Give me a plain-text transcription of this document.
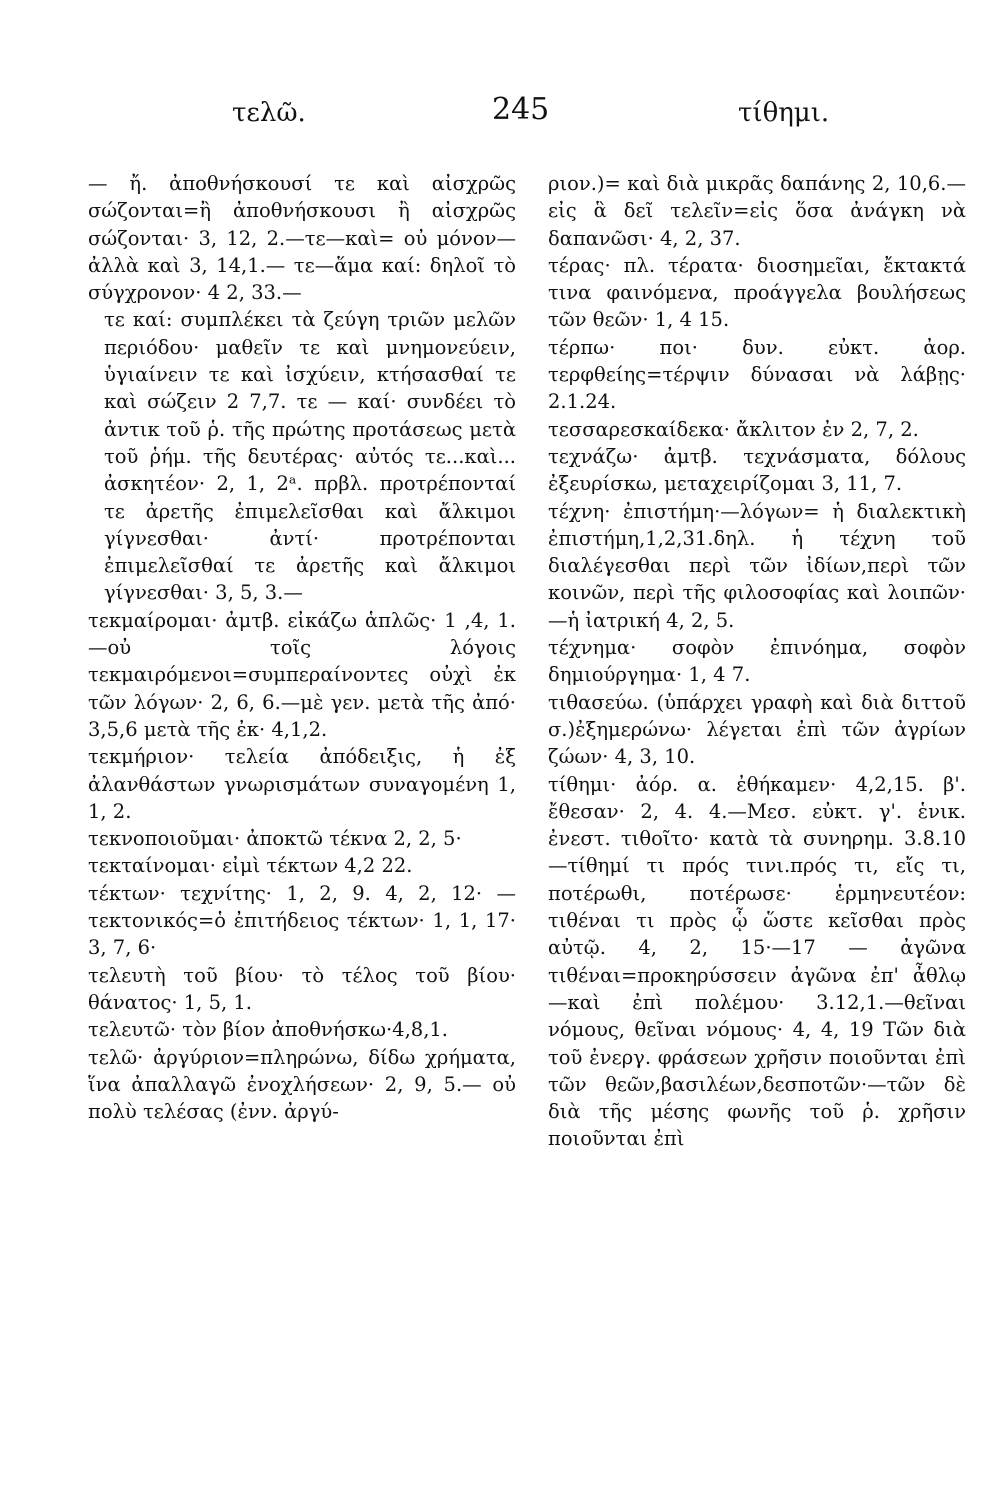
τελῶ.	245	τίθημι.

— ἤ. ἀποθνήσκουσί τε καὶ αἰσχρῶς σώζονται=ἢ ἀποθνήσκουσι ἢ αἰσχρῶς σώζονται· 3, 12, 2.—τε—καὶ= οὐ μόνον—ἀλλὰ καὶ 3, 14,1.— τε—ἅμα καί: δηλοῖ τὸ σύγχρονον· 4 2, 33.—

τε καί: συμπλέκει τὰ ζεύγη τριῶν μελῶν περιόδου· μαθεῖν τε καὶ μνημονεύειν, ὑγιαίνειν τε καὶ ἰσχύειν, κτήσασθαί τε καὶ σώζειν 2 7,7. τε — καί· συνδέει τὸ ἀντικ τοῦ ῥ. τῆς πρώτης προτάσεως μετὰ τοῦ ῥήμ. τῆς δευτέρας· αὐτός τε...καὶ... ἀσκητέον· 2, 1, 2ᵃ. πρβλ. προτρέπονταί τε ἀρετῆς ἐπιμελεῖσθαι καὶ ἄλκιμοι γίγνεσθαι· ἀντί· προτρέπονται ἐπιμελεῖσθαί τε ἀρετῆς καὶ ἄλκιμοι γίγνεσθαι· 3, 5, 3.—

τεκμαίρομαι· ἀμτβ. εἰκάζω ἁπλῶς· 1 ,4, 1.—οὐ τοῖς λόγοις τεκμαιρόμενοι=συμπεραίνοντες οὐχὶ ἐκ τῶν λόγων· 2, 6, 6.—μὲ γεν. μετὰ τῆς ἀπό· 3,5,6 μετὰ τῆς ἐκ· 4,1,2.

τεκμήριον· τελεία ἀπόδειξις, ἡ ἐξ ἀλανθάστων γνωρισμάτων συναγομένη 1, 1, 2.

τεκνοποιοῦμαι· ἀποκτῶ τέκνα 2, 2, 5·

τεκταίνομαι· εἰμὶ τέκτων 4,2 22.

τέκτων· τεχνίτης· 1, 2, 9. 4, 2, 12· —τεκτονικός=ὁ ἐπιτήδειος τέκτων· 1, 1, 17· 3, 7, 6·

τελευτὴ τοῦ βίου· τὸ τέλος τοῦ βίου· θάνατος· 1, 5, 1.

τελευτῶ· τὸν βίον ἀποθνήσκω·4,8,1.

τελῶ· ἀργύριον=πληρώνω, δίδω χρήματα, ἵνα ἀπαλλαγῶ ἐνοχλήσεων· 2, 9, 5.— οὐ πολὺ τελέσας (ἐνν. ἀργύ-

ριον.)= καὶ διὰ μικρᾶς δαπάνης 2, 10,6.—εἰς ἃ δεῖ τελεῖν=εἰς ὅσα ἀνάγκη νὰ δαπανῶσι· 4, 2, 37.

τέρας· πλ. τέρατα· διοσημεῖαι, ἔκτακτά τινα φαινόμενα, προάγγελα βουλήσεως τῶν θεῶν· 1, 4 15.

τέρπω· ποι· δυν. εὐκτ. ἀορ. τερφθείης=τέρψιν δύνασαι νὰ λάβῃς· 2.1.24.

τεσσαρεσκαίδεκα· ἄκλιτον ἐν 2, 7, 2.

τεχνάζω· ἀμτβ. τεχνάσματα, δόλους ἐξευρίσκω, μεταχειρίζομαι 3, 11, 7.

τέχνη· ἐπιστήμη·—λόγων= ἡ διαλεκτικὴ ἐπιστήμη,1,2,31.δηλ. ἡ τέχνη τοῦ διαλέγεσθαι περὶ τῶν ἰδίων,περὶ τῶν κοινῶν, περὶ τῆς φιλοσοφίας καὶ λοιπῶν·—ἡ ἰατρική 4, 2, 5.

τέχνημα· σοφὸν ἐπινόημα, σοφὸν δημιούργημα· 1, 4 7.

τιθασεύω. (ὑπάρχει γραφὴ καὶ διὰ διττοῦ σ.)ἐξημερώνω· λέγεται ἐπὶ τῶν ἀγρίων ζώων· 4, 3, 10.

τίθημι· ἀόρ. α. ἐθήκαμεν· 4,2,15. β'. ἔθεσαν· 2, 4. 4.—Μεσ. εὐκτ. γ'. ἑνικ. ἐνεστ. τιθοῖτο· κατὰ τὰ συνηρημ. 3.8.10 —τίθημί τι πρός τινι.πρός τι, εἴς τι, ποτέρωθι, ποτέρωσε· ἑρμηνευτέον: τιθέναι τι πρὸς ᾧ ὥστε κεῖσθαι πρὸς αὐτῷ. 4, 2, 15·—17 — ἀγῶνα τιθέναι=προκηρύσσειν ἀγῶνα ἐπ' ἆθλῳ —καὶ ἐπὶ πολέμου· 3.12,1.—θεῖναι νόμους, θεῖναι νόμους· 4, 4, 19 Τῶν διὰ τοῦ ἐνεργ. φράσεων χρῆσιν ποιοῦνται ἐπὶ τῶν θεῶν,βασιλέων,δεσποτῶν·—τῶν δὲ διὰ τῆς μέσης φωνῆς τοῦ ῥ. χρῆσιν ποιοῦνται ἐπὶ
